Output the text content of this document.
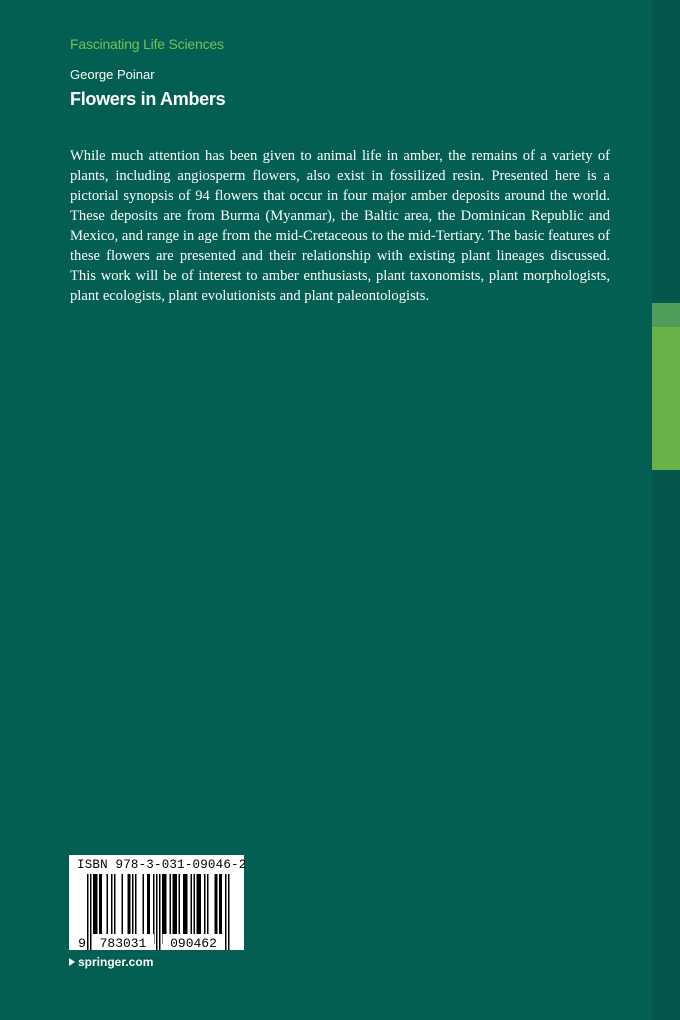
Fascinating Life Sciences
George Poinar
Flowers in Ambers
While much attention has been given to animal life in amber, the remains of a variety of plants, including angiosperm flowers, also exist in fossilized resin. Presented here is a pictorial synopsis of 94 flowers that occur in four major amber deposits around the world. These deposits are from Burma (Myanmar), the Baltic area, the Dominican Republic and Mexico, and range in age from the mid-Cretaceous to the mid-Tertiary. The basic features of these flowers are presented and their relationship with existing plant lineages discussed. This work will be of interest to amber enthusiasts, plant taxonomists, plant morphologists, plant ecologists, plant evolutionists and plant paleontologists.
ISBN 978-3-031-09046-2
9 783031 090462
springer.com
